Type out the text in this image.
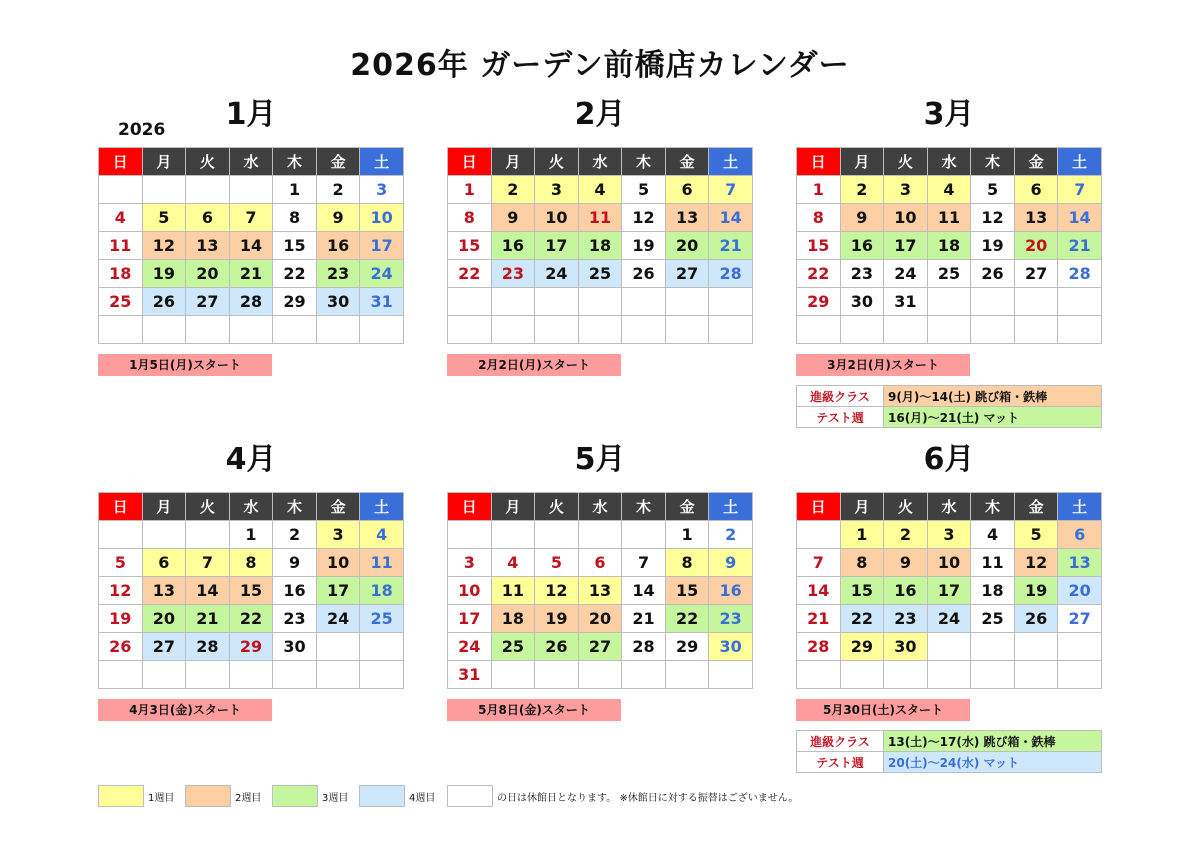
2026年 ガーデン前橋店カレンダー
2026	1月
日	月	火	水	木	金	土
				1	2	3
4	5	6	7	8	9	10
11	12	13	14	15	16	17
18	19	20	21	22	23	24
25	26	27	28	29	30	31

1月5日(月)スタート
2月
日	月	火	水	木	金	土
1	2	3	4	5	6	7
8	9	10	11	12	13	14
15	16	17	18	19	20	21
22	23	24	25	26	27	28

2月2日(月)スタート
3月
日	月	火	水	木	金	土
1	2	3	4	5	6	7
8	9	10	11	12	13	14
15	16	17	18	19	20	21
22	23	24	25	26	27	28
29	30	31				

3月2日(月)スタート
進級クラス	9(月)～14(土) 跳び箱・鉄棒
テスト週	16(月)～21(土) マット
4月
日	月	火	水	木	金	土
			1	2	3	4
5	6	7	8	9	10	11
12	13	14	15	16	17	18
19	20	21	22	23	24	25
26	27	28	29	30		

4月3日(金)スタート
5月
日	月	火	水	木	金	土
					1	2
3	4	5	6	7	8	9
10	11	12	13	14	15	16
17	18	19	20	21	22	23
24	25	26	27	28	29	30
31						
5月8日(金)スタート
6月
日	月	火	水	木	金	土
	1	2	3	4	5	6
7	8	9	10	11	12	13
14	15	16	17	18	19	20
21	22	23	24	25	26	27
28	29	30				

5月30日(土)スタート
進級クラス	13(土)～17(水) 跳び箱・鉄棒
テスト週	20(土)～24(水) マット
1週目	2週目	3週目	4週目	の日は休館日となります。 ※休館日に対する振替はございません。
